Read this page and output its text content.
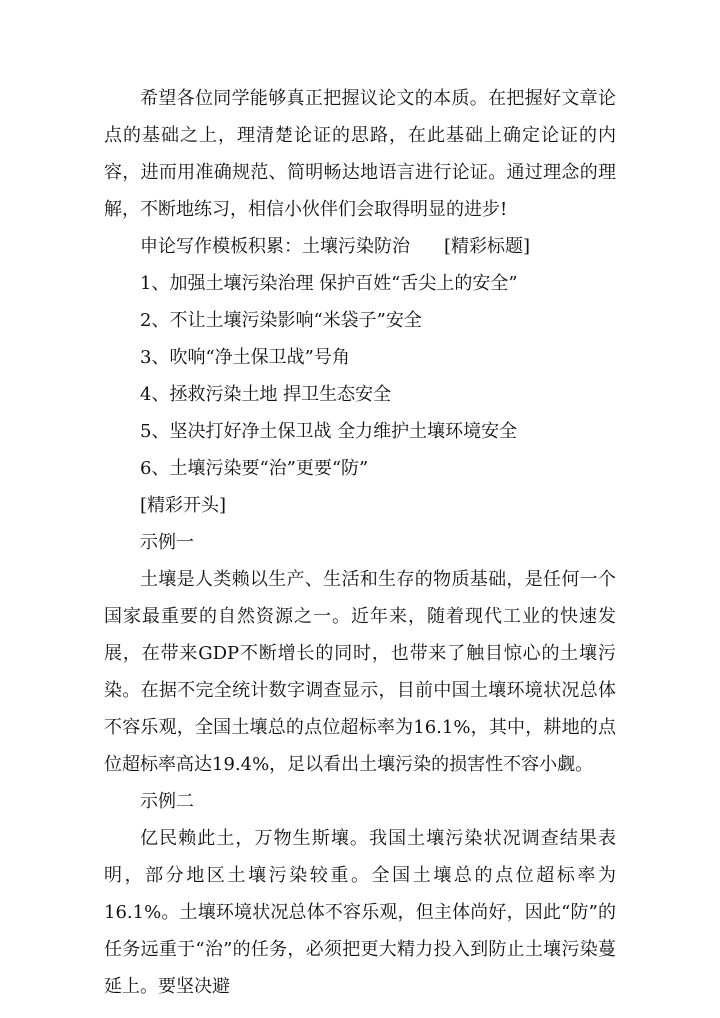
希望各位同学能够真正把握议论文的本质。在把握好文章论点的基础之上，理清楚论证的思路，在此基础上确定论证的内容，进而用准确规范、简明畅达地语言进行论证。通过理念的理解，不断地练习，相信小伙伴们会取得明显的进步!

申论写作模板积累：土壤污染防治 [精彩标题]

1、加强土壤污染治理 保护百姓“舌尖上的安全”

2、不让土壤污染影响“米袋子”安全

3、吹响“净土保卫战”号角

4、拯救污染土地 捍卫生态安全

5、坚决打好净土保卫战 全力维护土壤环境安全

6、土壤污染要“治”更要“防”

[精彩开头]

示例一

土壤是人类赖以生产、生活和生存的物质基础，是任何一个国家最重要的自然资源之一。近年来，随着现代工业的快速发展，在带来GDP不断增长的同时，也带来了触目惊心的土壤污染。在据不完全统计数字调查显示，目前中国土壤环境状况总体不容乐观，全国土壤总的点位超标率为16.1%，其中，耕地的点位超标率高达19.4%，足以看出土壤污染的损害性不容小觑。

示例二

亿民赖此土，万物生斯壤。我国土壤污染状况调查结果表明，部分地区土壤污染较重。全国土壤总的点位超标率为16.1%。土壤环境状况总体不容乐观，但主体尚好，因此“防”的任务远重于“治”的任务，必须把更大精力投入到防止土壤污染蔓延上。要坚决避
